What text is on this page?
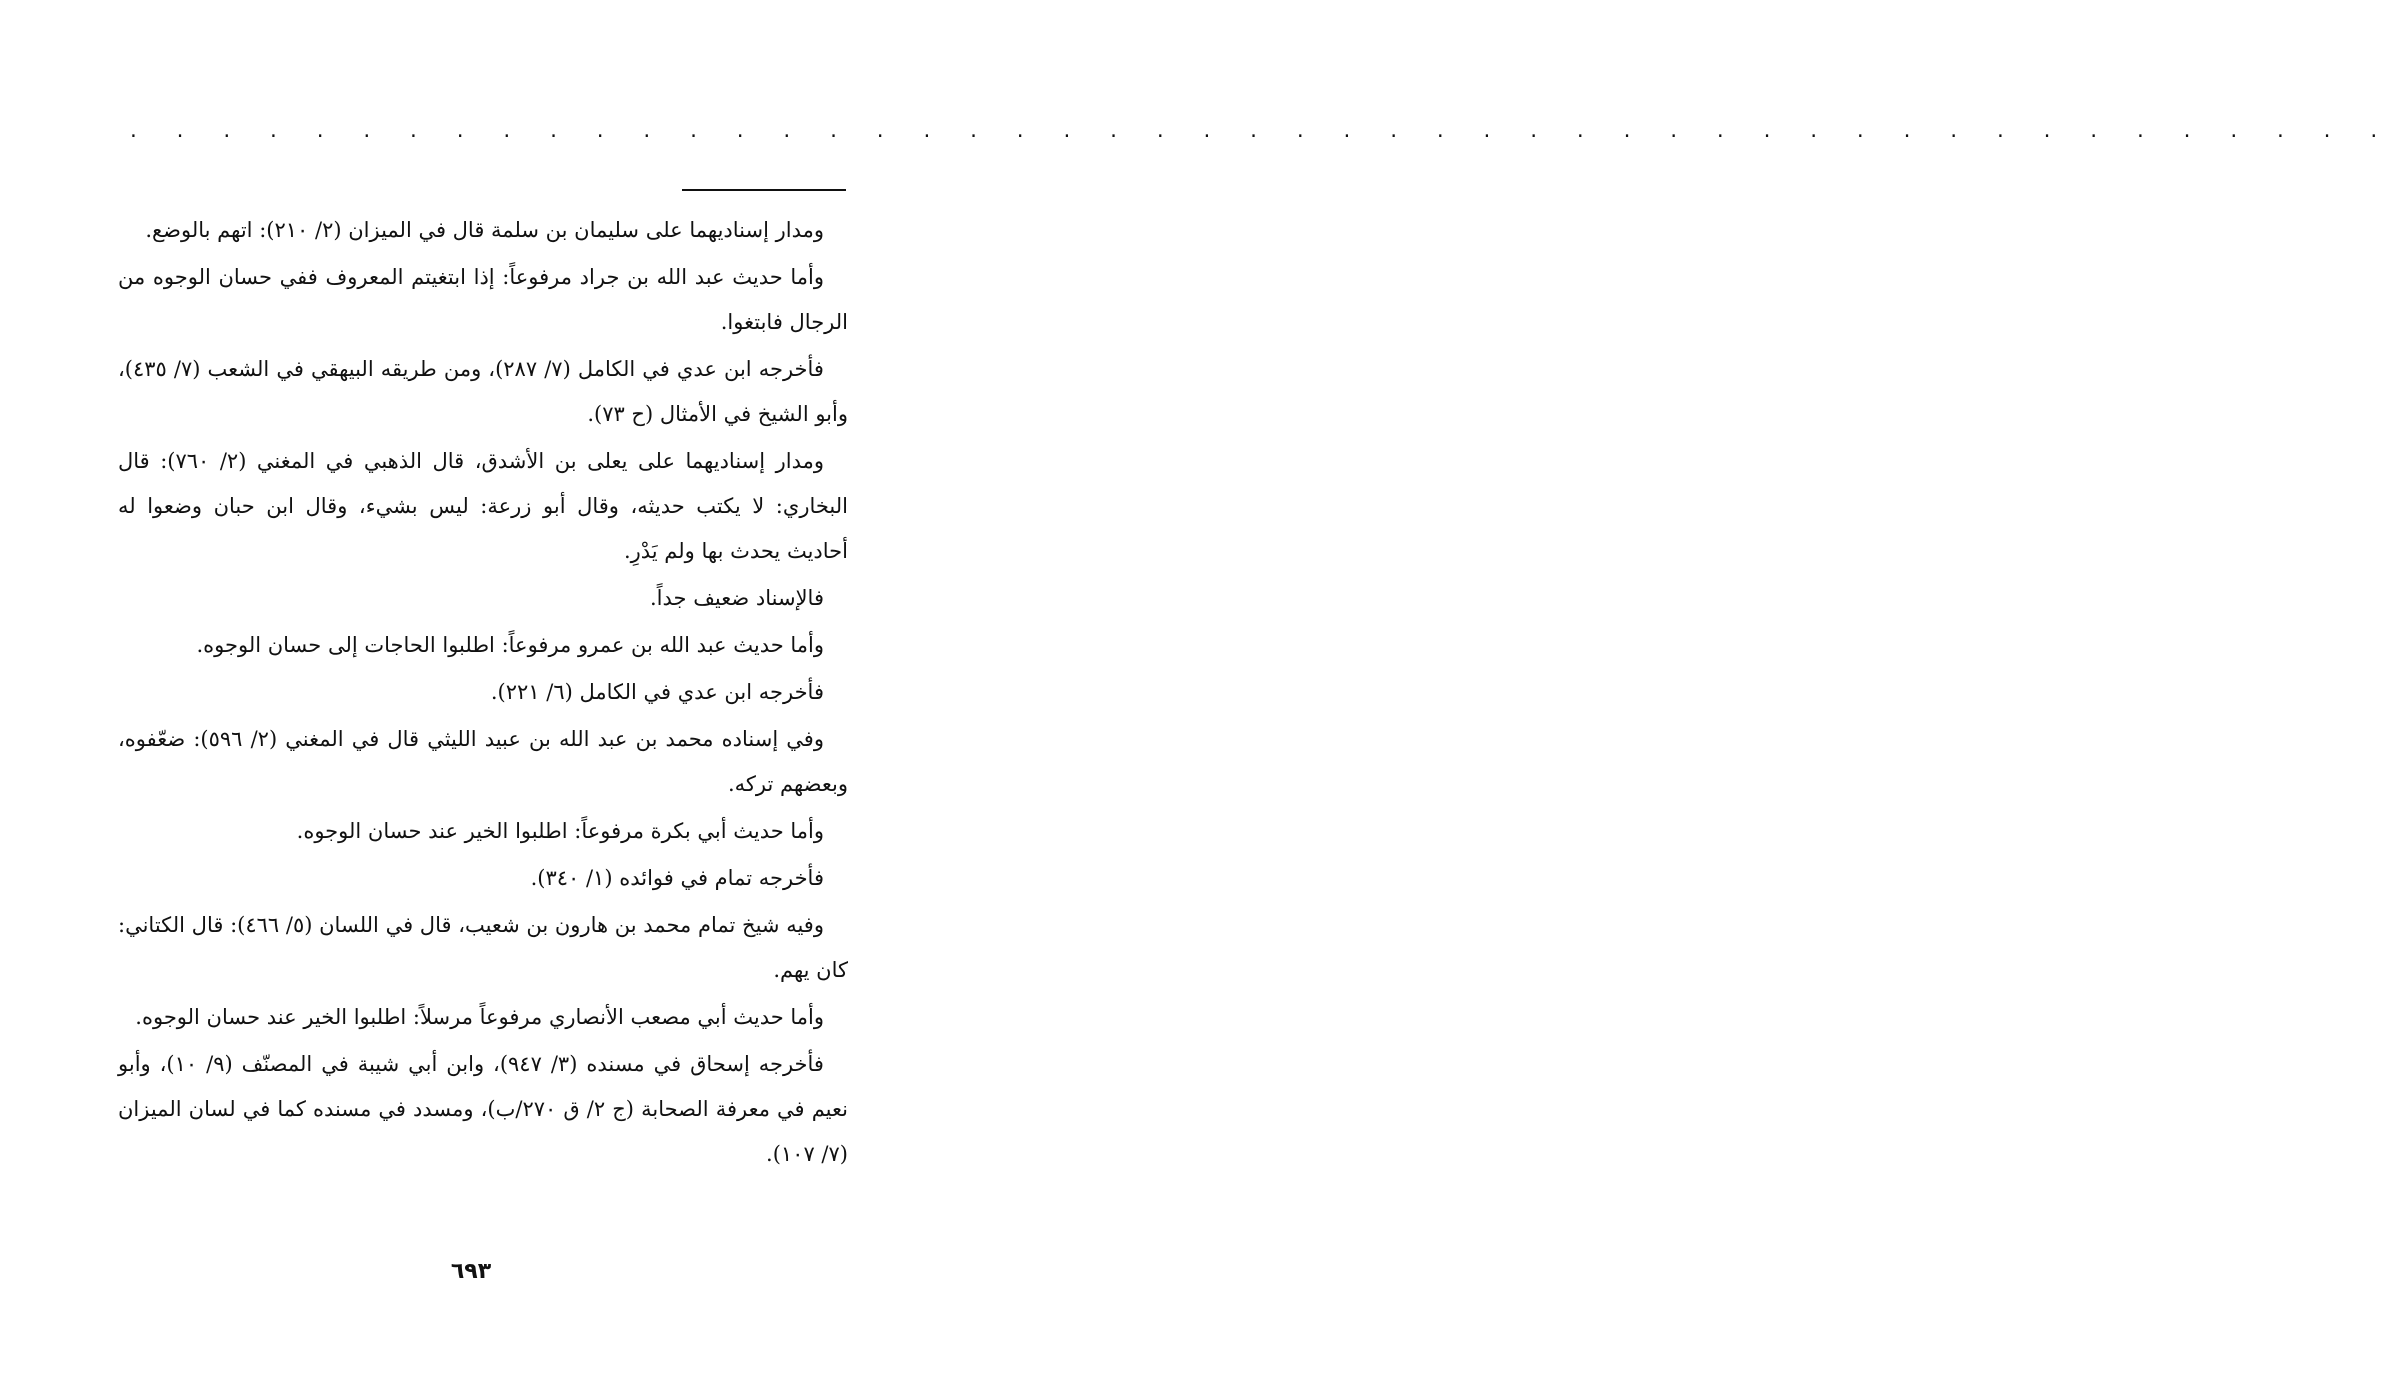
. . . . . . . . . . . . . . . . . . . . . . . . . . . . . . . . . . . . . . . . . . . . . . . . .

ومدار إسناديهما على سليمان بن سلمة قال في الميزان (٢/ ٢١٠): اتهم بالوضع.

وأما حديث عبد الله بن جراد مرفوعاً: إذا ابتغيتم المعروف ففي حسان الوجوه من الرجال فابتغوا.

فأخرجه ابن عدي في الكامل (٧/ ٢٨٧)، ومن طريقه البيهقي في الشعب (٧/ ٤٣٥)، وأبو الشيخ في الأمثال (ح ٧٣).

ومدار إسناديهما على يعلى بن الأشدق، قال الذهبي في المغني (٢/ ٧٦٠): قال البخاري: لا يكتب حديثه، وقال أبو زرعة: ليس بشيء، وقال ابن حبان وضعوا له أحاديث يحدث بها ولم يَدْرِ.

فالإسناد ضعيف جداً.

وأما حديث عبد الله بن عمرو مرفوعاً: اطلبوا الحاجات إلى حسان الوجوه.

فأخرجه ابن عدي في الكامل (٦/ ٢٢١).

وفي إسناده محمد بن عبد الله بن عبيد الليثي قال في المغني (٢/ ٥٩٦): ضعّفوه، وبعضهم تركه.

وأما حديث أبي بكرة مرفوعاً: اطلبوا الخير عند حسان الوجوه.

فأخرجه تمام في فوائده (١/ ٣٤٠).

وفيه شيخ تمام محمد بن هارون بن شعيب، قال في اللسان (٥/ ٤٦٦): قال الكتاني: كان يهم.

وأما حديث أبي مصعب الأنصاري مرفوعاً مرسلاً: اطلبوا الخير عند حسان الوجوه.

فأخرجه إسحاق في مسنده (٣/ ٩٤٧)، وابن أبي شيبة في المصنّف (٩/ ١٠)، وأبو نعيم في معرفة الصحابة (ج ٢/ ق ٢٧٠/ب)، ومسدد في مسنده كما في لسان الميزان (٧/ ١٠٧).

٦٩٣
